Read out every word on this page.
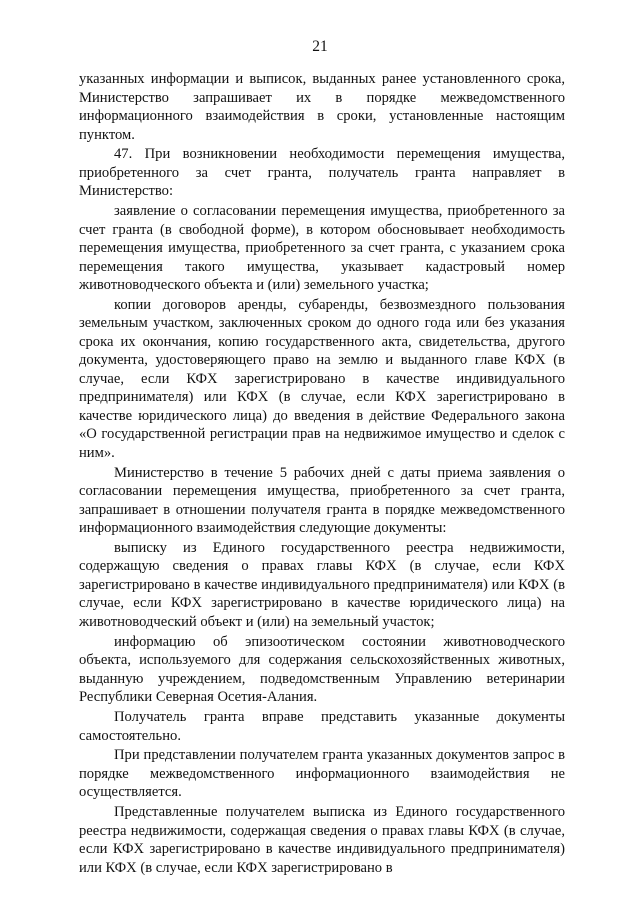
21

указанных информации и выписок, выданных ранее установленного срока, Министерство запрашивает их в порядке межведомственного информационного взаимодействия в сроки, установленные настоящим пунктом.

47. При возникновении необходимости перемещения имущества, приобретенного за счет гранта, получатель гранта направляет в Министерство:

заявление о согласовании перемещения имущества, приобретенного за счет гранта (в свободной форме), в котором обосновывает необходимость перемещения имущества, приобретенного за счет гранта, с указанием срока перемещения такого имущества, указывает кадастровый номер животноводческого объекта и (или) земельного участка;

копии договоров аренды, субаренды, безвозмездного пользования земельным участком, заключенных сроком до одного года или без указания срока их окончания, копию государственного акта, свидетельства, другого документа, удостоверяющего право на землю и выданного главе КФХ (в случае, если КФХ зарегистрировано в качестве индивидуального предпринимателя) или КФХ (в случае, если КФХ зарегистрировано в качестве юридического лица) до введения в действие Федерального закона «О государственной регистрации прав на недвижимое имущество и сделок с ним».

Министерство в течение 5 рабочих дней с даты приема заявления о согласовании перемещения имущества, приобретенного за счет гранта, запрашивает в отношении получателя гранта в порядке межведомственного информационного взаимодействия следующие документы:

выписку из Единого государственного реестра недвижимости, содержащую сведения о правах главы КФХ (в случае, если КФХ зарегистрировано в качестве индивидуального предпринимателя) или КФХ (в случае, если КФХ зарегистрировано в качестве юридического лица) на животноводческий объект и (или) на земельный участок;

информацию об эпизоотическом состоянии животноводческого объекта, используемого для содержания сельскохозяйственных животных, выданную учреждением, подведомственным Управлению ветеринарии Республики Северная Осетия-Алания.

Получатель гранта вправе представить указанные документы самостоятельно.

При представлении получателем гранта указанных документов запрос в порядке межведомственного информационного взаимодействия не осуществляется.

Представленные получателем выписка из Единого государственного реестра недвижимости, содержащая сведения о правах главы КФХ (в случае, если КФХ зарегистрировано в качестве индивидуального предпринимателя) или КФХ (в случае, если КФХ зарегистрировано в
